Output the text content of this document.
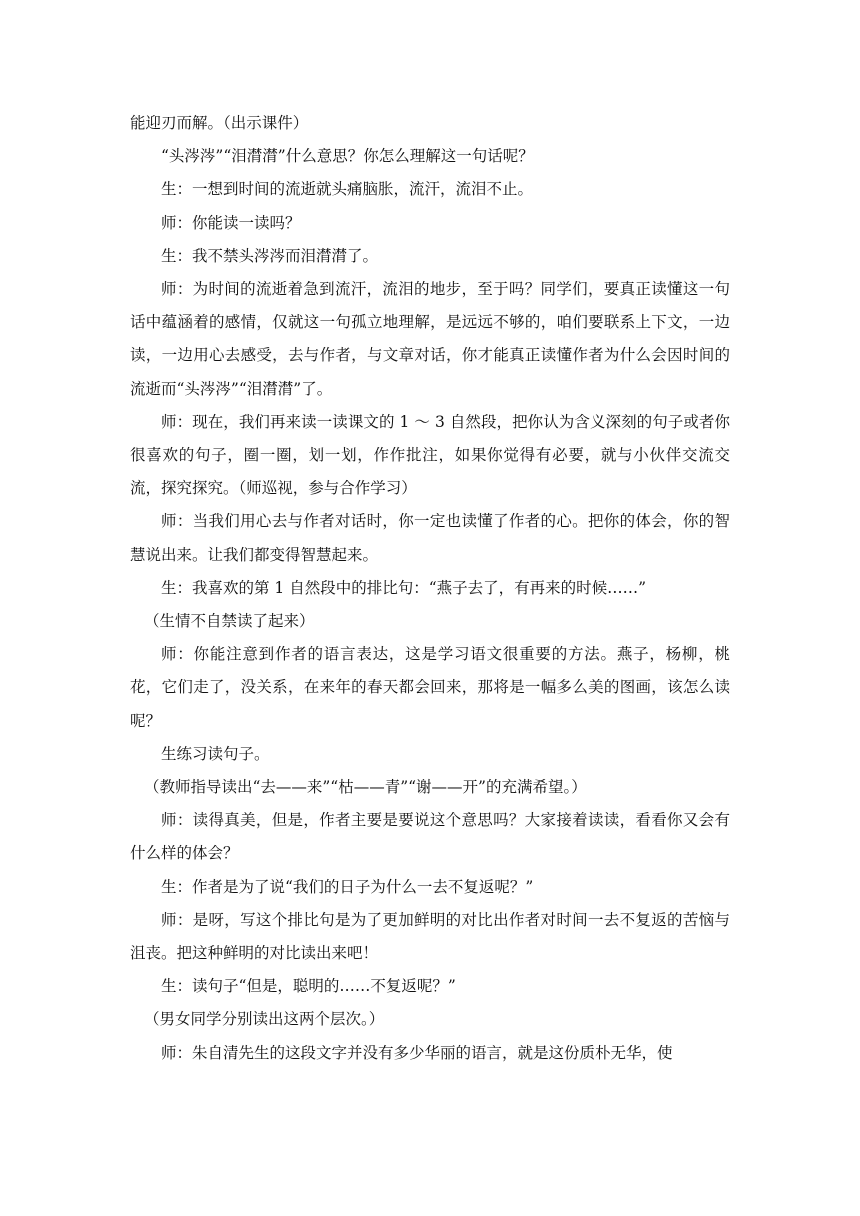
能迎刃而解。（出示课件）

“头涔涔”“泪潸潸”什么意思？你怎么理解这一句话呢？

生：一想到时间的流逝就头痛脑胀，流汗，流泪不止。

师：你能读一读吗？

生：我不禁头涔涔而泪潸潸了。

师：为时间的流逝着急到流汗，流泪的地步，至于吗？同学们，要真正读懂这一句话中蕴涵着的感情，仅就这一句孤立地理解，是远远不够的，咱们要联系上下文，一边读，一边用心去感受，去与作者，与文章对话，你才能真正读懂作者为什么会因时间的流逝而“头涔涔”“泪潸潸”了。

师：现在，我们再来读一读课文的 1 ～ 3 自然段，把你认为含义深刻的句子或者你很喜欢的句子，圈一圈，划一划，作作批注，如果你觉得有必要，就与小伙伴交流交流，探究探究。（师巡视，参与合作学习）

师：当我们用心去与作者对话时，你一定也读懂了作者的心。把你的体会，你的智慧说出来。让我们都变得智慧起来。

生：我喜欢的第 1 自然段中的排比句：“燕子去了，有再来的时候……”

（生情不自禁读了起来）

师：你能注意到作者的语言表达，这是学习语文很重要的方法。燕子，杨柳，桃花，它们走了，没关系，在来年的春天都会回来，那将是一幅多么美的图画，该怎么读呢？

生练习读句子。

（教师指导读出“去——来”“枯——青”“谢——开”的充满希望。）

师：读得真美，但是，作者主要是要说这个意思吗？大家接着读读，看看你又会有什么样的体会？

生：作者是为了说“我们的日子为什么一去不复返呢？”

师：是呀，写这个排比句是为了更加鲜明的对比出作者对时间一去不复返的苦恼与沮丧。把这种鲜明的对比读出来吧！

生：读句子“但是，聪明的……不复返呢？”

（男女同学分别读出这两个层次。）

师：朱自清先生的这段文字并没有多少华丽的语言，就是这份质朴无华，使
